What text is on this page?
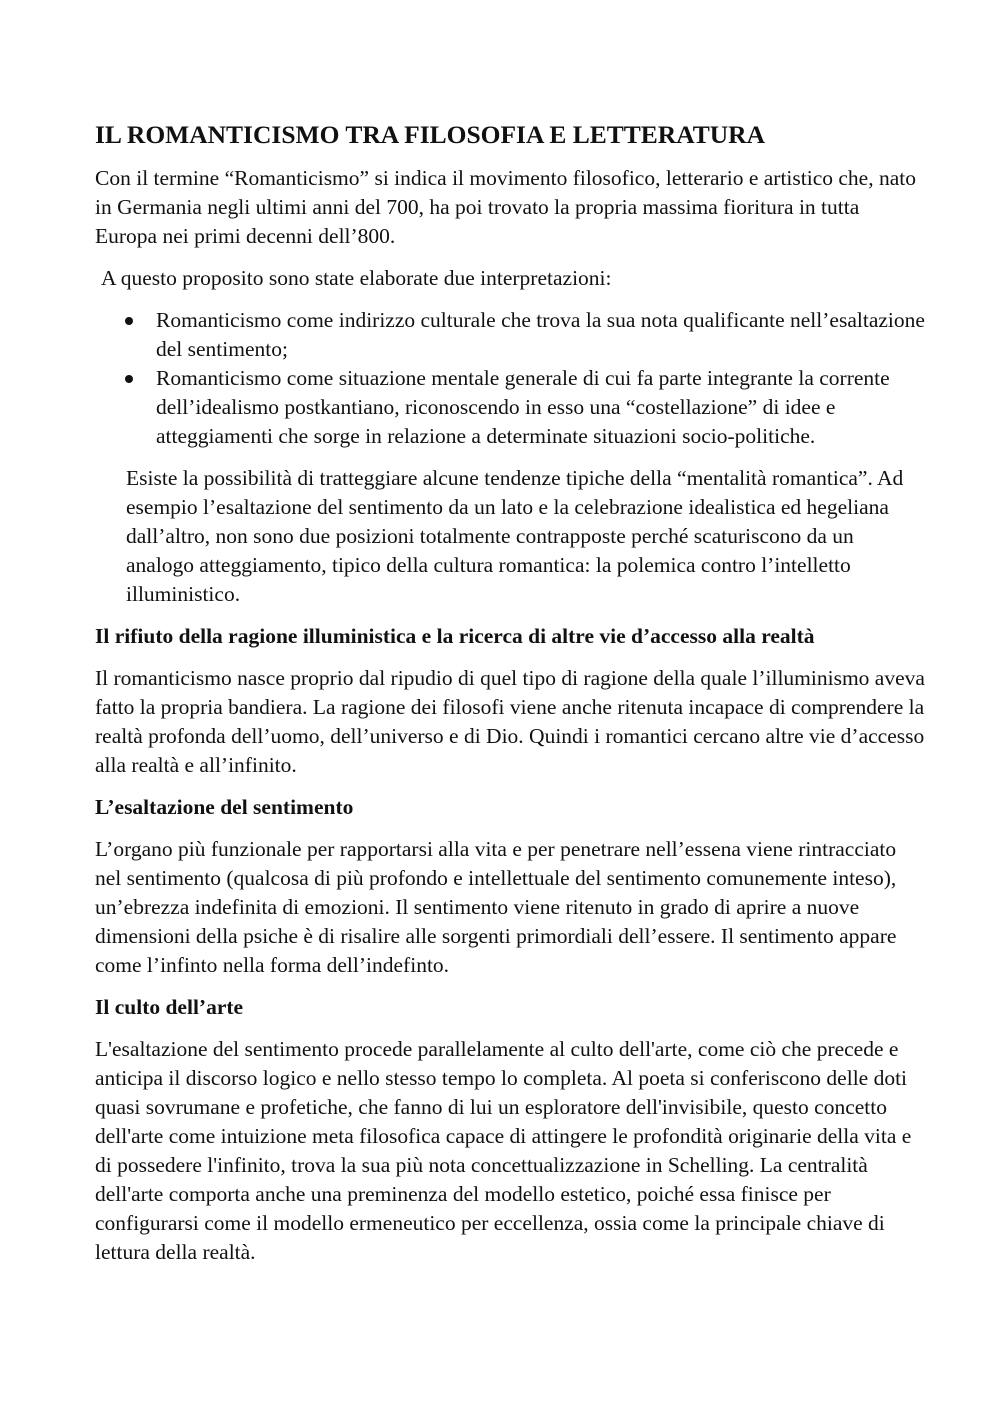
IL ROMANTICISMO TRA FILOSOFIA E LETTERATURA

Con il termine “Romanticismo” si indica il movimento filosofico, letterario e artistico che, nato in Germania negli ultimi anni del 700, ha poi trovato la propria massima fioritura in tutta Europa nei primi decenni dell’800.

A questo proposito sono state elaborate due interpretazioni:

Romanticismo come indirizzo culturale che trova la sua nota qualificante nell’esaltazione del sentimento;
Romanticismo come situazione mentale generale di cui fa parte integrante la corrente dell’idealismo postkantiano, riconoscendo in esso una “costellazione” di idee e atteggiamenti che sorge in relazione a determinate situazioni socio-politiche.

Esiste la possibilità di tratteggiare alcune tendenze tipiche della “mentalità romantica”. Ad esempio l’esaltazione del sentimento da un lato e la celebrazione idealistica ed hegeliana dall’altro, non sono due posizioni totalmente contrapposte perché scaturiscono da un analogo atteggiamento, tipico della cultura romantica: la polemica contro l’intelletto illuministico.

Il rifiuto della ragione illuministica e la ricerca di altre vie d’accesso alla realtà

Il romanticismo nasce proprio dal ripudio di quel tipo di ragione della quale l’illuminismo aveva fatto la propria bandiera. La ragione dei filosofi viene anche ritenuta incapace di comprendere la realtà profonda dell’uomo, dell’universo e di Dio. Quindi i romantici cercano altre vie d’accesso alla realtà e all’infinito.

L’esaltazione del sentimento

L’organo più funzionale per rapportarsi alla vita e per penetrare nell’essena viene rintracciato nel sentimento (qualcosa di più profondo e intellettuale del sentimento comunemente inteso), un’ebrezza indefinita di emozioni. Il sentimento viene ritenuto in grado di aprire a nuove dimensioni della psiche è di risalire alle sorgenti primordiali dell’essere. Il sentimento appare come l’infinto nella forma dell’indefinto.

Il culto dell’arte

L'esaltazione del sentimento procede parallelamente al culto dell'arte, come ciò che precede e anticipa il discorso logico e nello stesso tempo lo completa. Al poeta si conferiscono delle doti quasi sovrumane e profetiche, che fanno di lui un esploratore dell'invisibile, questo concetto dell'arte come intuizione meta filosofica capace di attingere le profondità originarie della vita e di possedere l'infinito, trova la sua più nota concettualizzazione in Schelling. La centralità dell'arte comporta anche una preminenza del modello estetico, poiché essa finisce per configurarsi come il modello ermeneutico per eccellenza, ossia come la principale chiave di lettura della realtà.
